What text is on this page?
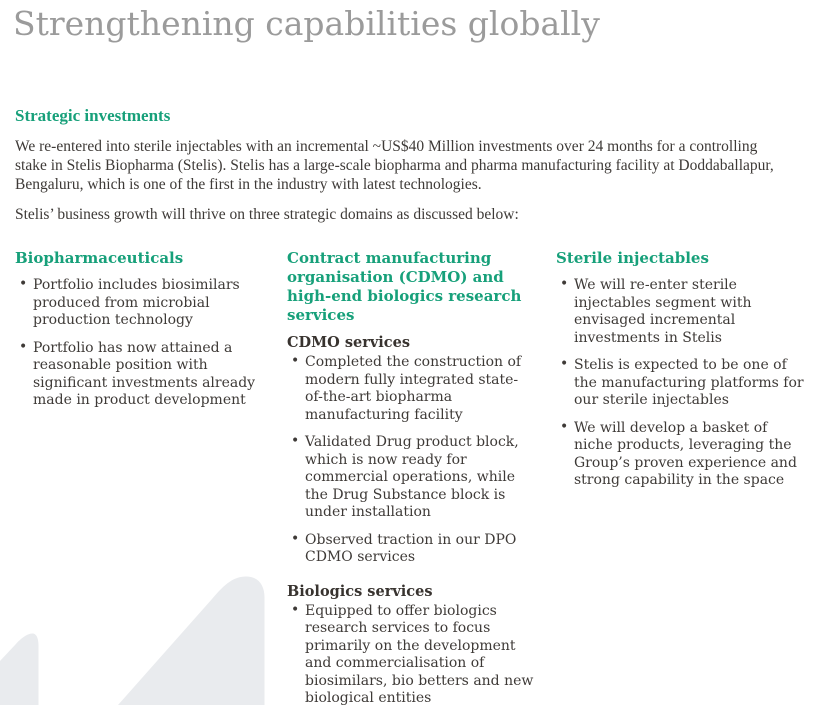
Strengthening capabilities globally
Strategic investments

We re-entered into sterile injectables with an incremental ~US$40 Million investments over 24 months for a controlling stake in Stelis Biopharma (Stelis). Stelis has a large-scale biopharma and pharma manufacturing facility at Doddaballapur, Bengaluru, which is one of the first in the industry with latest technologies.

Stelis’ business growth will thrive on three strategic domains as discussed below:

Biopharmaceuticals
• Portfolio includes biosimilars produced from microbial production technology
• Portfolio has now attained a reasonable position with significant investments already made in product development
Contract manufacturing organisation (CDMO) and high-end biologics research services
CDMO services
• Completed the construction of modern fully integrated state-of-the-art biopharma manufacturing facility
• Validated Drug product block, which is now ready for commercial operations, while the Drug Substance block is under installation
• Observed traction in our DPO CDMO services
Biologics services
• Equipped to offer biologics research services to focus primarily on the development and commercialisation of biosimilars, bio betters and new biological entities
Sterile injectables
• We will re-enter sterile injectables segment with envisaged incremental investments in Stelis
• Stelis is expected to be one of the manufacturing platforms for our sterile injectables
• We will develop a basket of niche products, leveraging the Group’s proven experience and strong capability in the space
